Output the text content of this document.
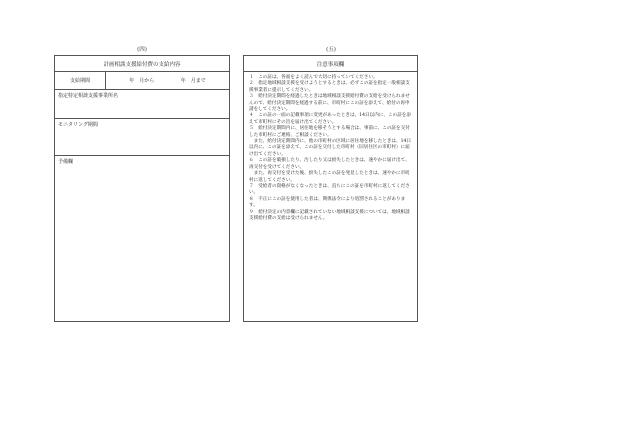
(四)	(五)
計画相談支援給付費の支給内容
支給期間	年　月から	年　月まで
指定特定相談支援事業所名
モニタリング期間
予備欄
注意事項欄

１　この証は、各面をよく読んで大切に持っていてください。

２　指定地域相談支援を受けようとするときは、必ずこの証を指定一般相談支援事業者に提示してください。

３　給付決定期間を経過したときは地域相談支援給付費の支給を受けられませんので、給付決定期間を経過する前に、市町村にこの証を添えて、給付の再申請をしてください。

４　この証の一面の記載事項に変更があったときは、14日以内に、この証を添えて市町村にその旨を届け出てください。

５　給付決定期間内に、居住地を移そうとする場合は、事前に、この証を交付した市町村にご連絡、ご相談ください。

　また、給付決定期間内に、他の市町村の区域に居住地を移したときは、14日以内に、この証を添えて、この証を交付した市町村（旧居住区の市町村）に届け出てください。

６　この証を破損したり、汚したり又は紛失したときは、速やかに届け出て、再交付を受けてください。

　また、再交付を受けた後、紛失したこの証を発見したときは、速やかに市町村に返してください。

７　受給者の資格がなくなったときは、直ちにこの証を市町村に返してください。

８　不正にこの証を使用した者は、関係法令により処罰されることがあります。

９　給付決定の内容欄に記載されていない地域相談支援については、地域相談支援給付費の支給は受けられません。
